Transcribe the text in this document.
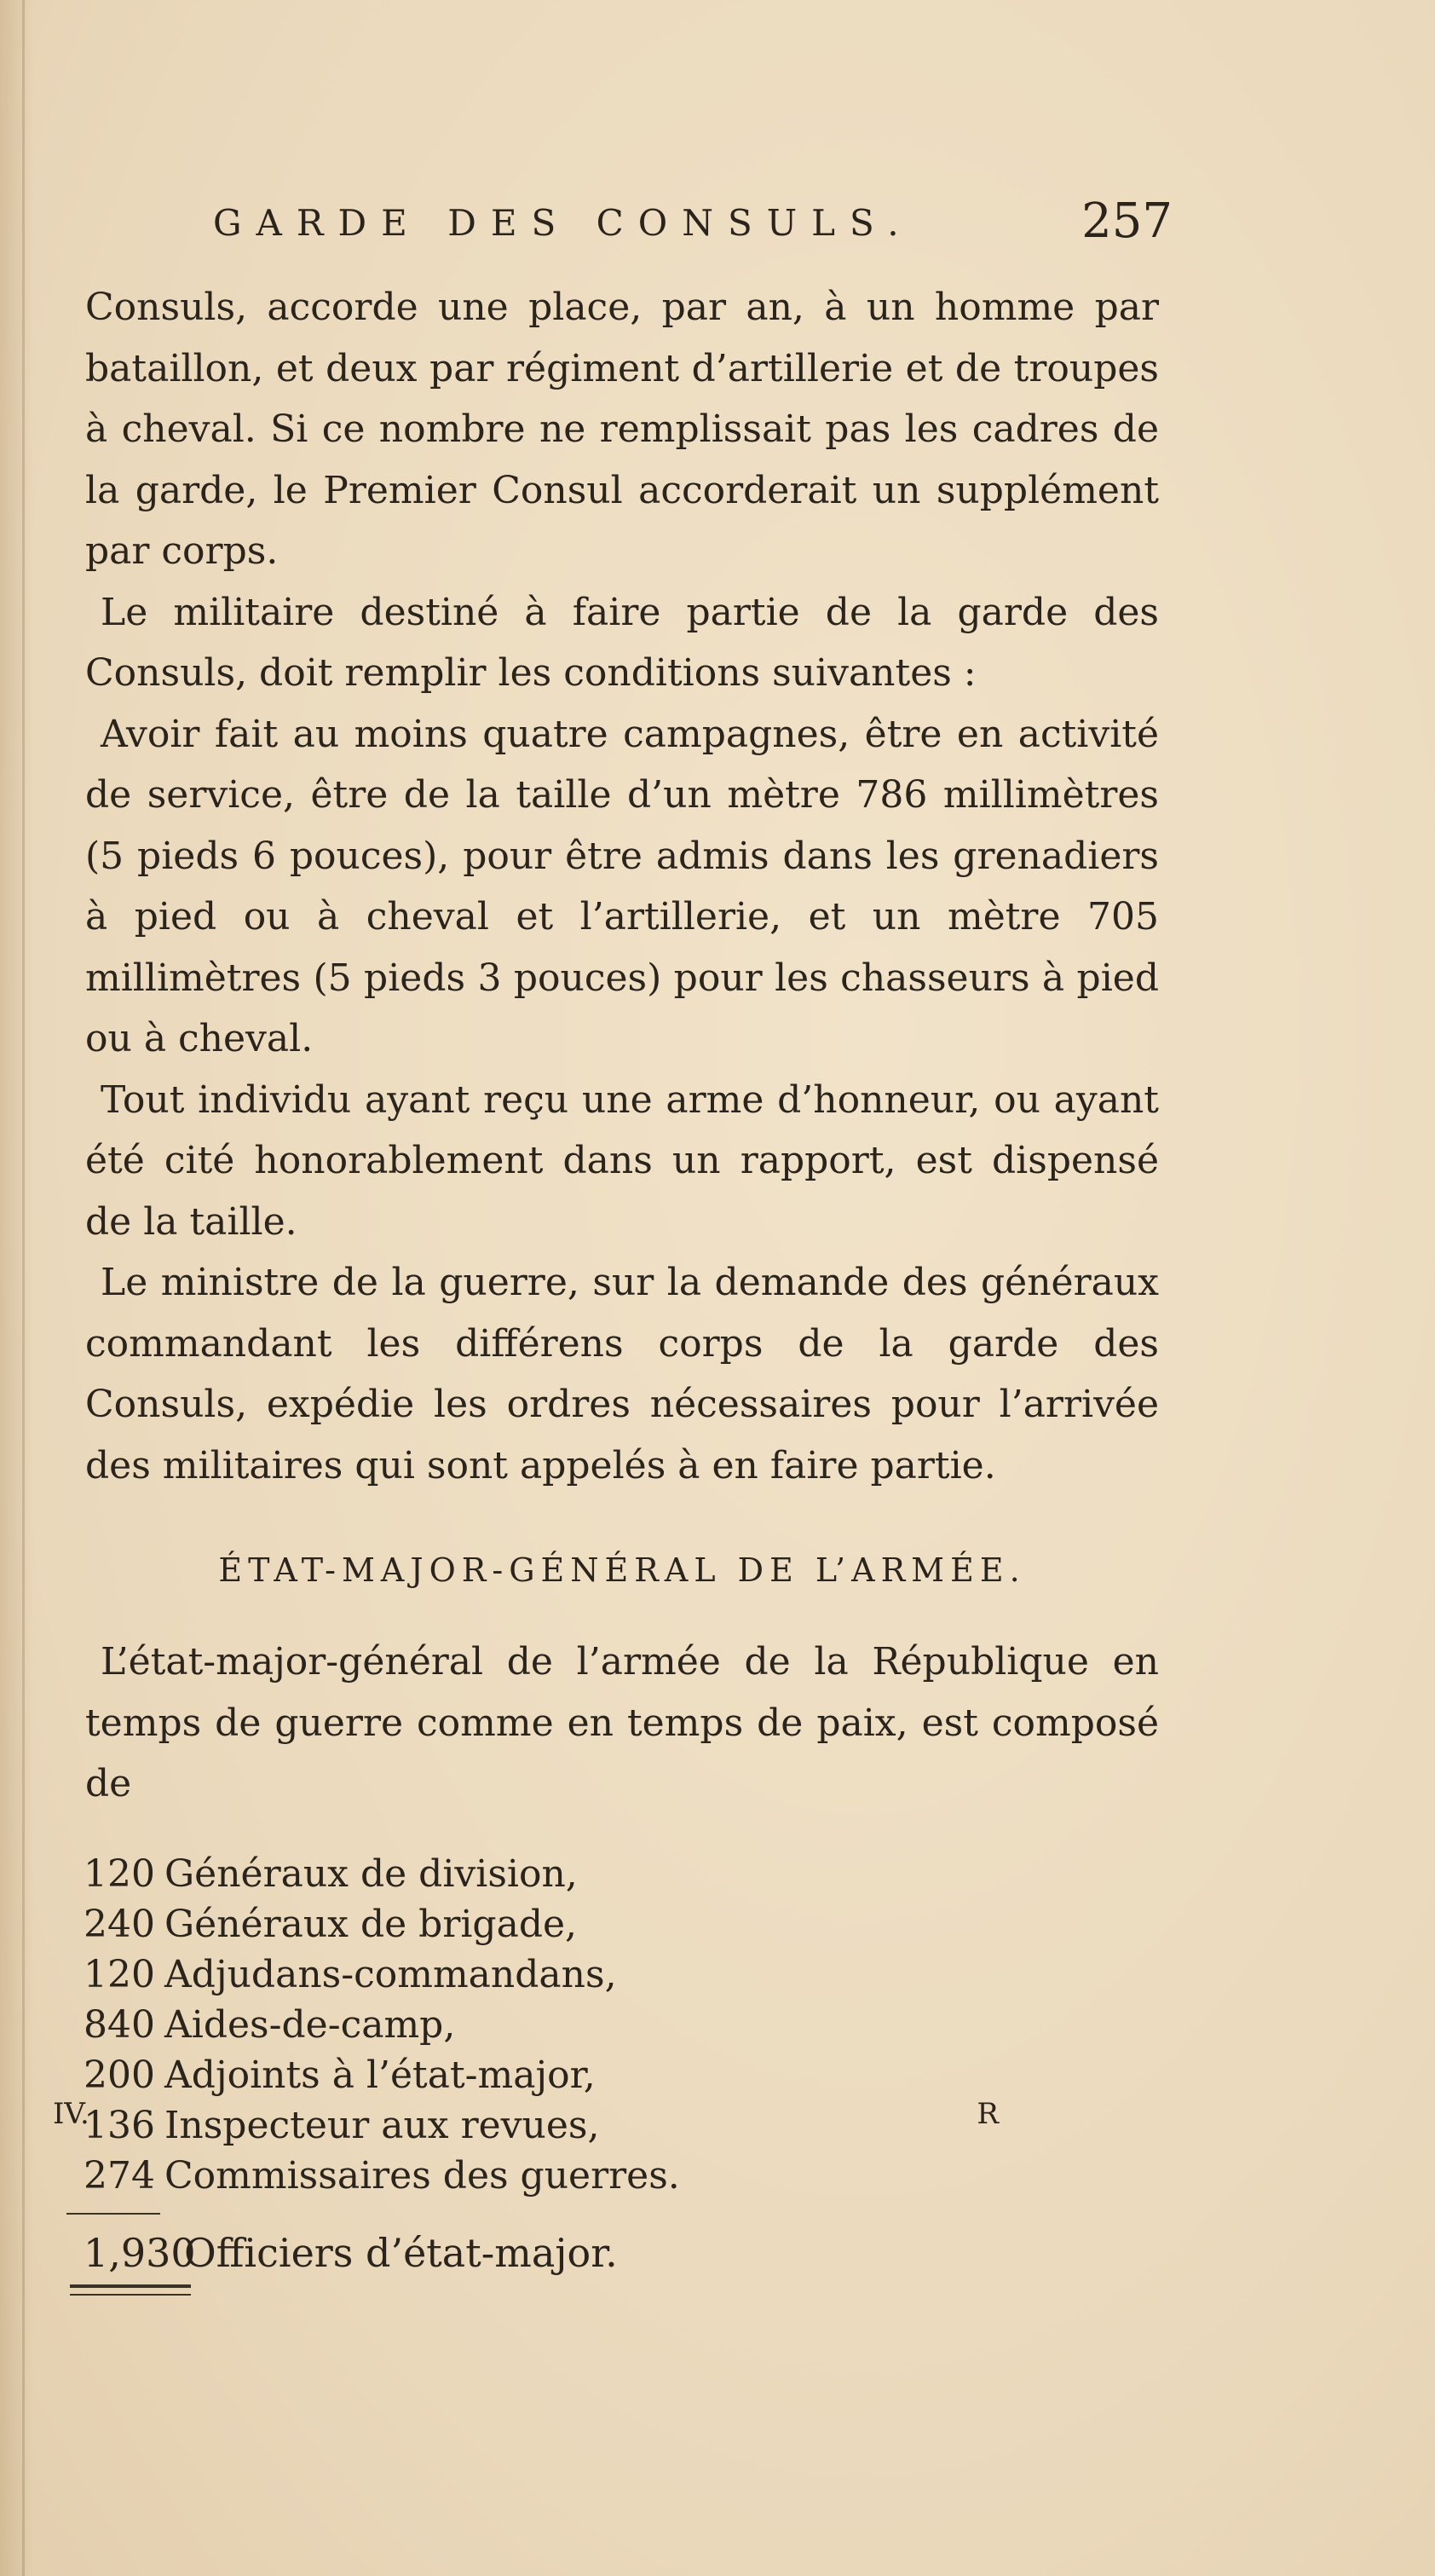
GARDE DES CONSULS.	257

Consuls, accorde une place, par an, à un homme par bataillon, et deux par régiment d’artillerie et de troupes à cheval. Si ce nombre ne remplissait pas les cadres de la garde, le Premier Consul accorderait un supplément par corps.

Le militaire destiné à faire partie de la garde des Consuls, doit remplir les conditions suivantes :

Avoir fait au moins quatre campagnes, être en activité de service, être de la taille d’un mètre 786 millimètres (5 pieds 6 pouces), pour être admis dans les grenadiers à pied ou à cheval et l’artillerie, et un mètre 705 millimètres (5 pieds 3 pouces) pour les chasseurs à pied ou à cheval.

Tout individu ayant reçu une arme d’honneur, ou ayant été cité honorablement dans un rapport, est dispensé de la taille.

Le ministre de la guerre, sur la demande des généraux commandant les différens corps de la garde des Consuls, expédie les ordres nécessaires pour l’arrivée des militaires qui sont appelés à en faire partie.

ÉTAT-MAJOR-GÉNÉRAL DE L’ARMÉE.

L’état-major-général de l’armée de la République en temps de guerre comme en temps de paix, est composé de

120 Généraux de division,
240 Généraux de brigade,
120 Adjudans-commandans,
840 Aides-de-camp,
200 Adjoints à l’état-major,
136 Inspecteur aux revues,
274 Commissaires des guerres.
1,930
Officiers d’état-major.
IV.	R
